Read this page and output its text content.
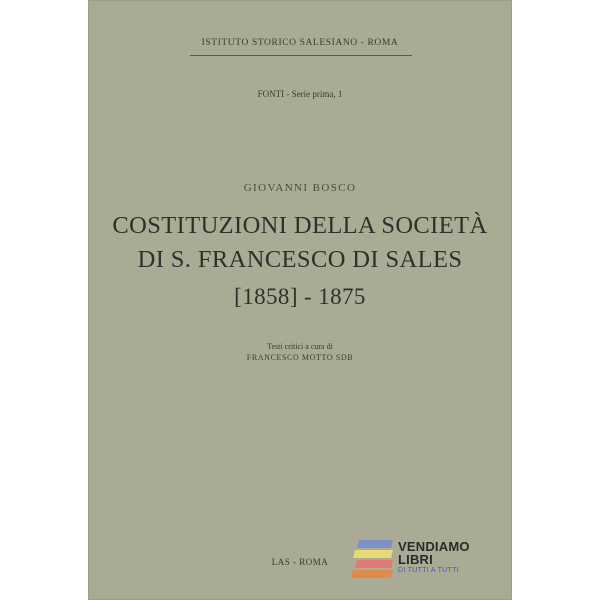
ISTITUTO STORICO SALESIANO - ROMA
FONTI - Serie prima, 1
GIOVANNI BOSCO
COSTITUZIONI DELLA SOCIETÀ
DI S. FRANCESCO DI SALES
[1858] - 1875
Testi critici a cura di
FRANCESCO MOTTO SDB
LAS - ROMA
VENDIAMO
LIBRI
DI TUTTI A TUTTI
